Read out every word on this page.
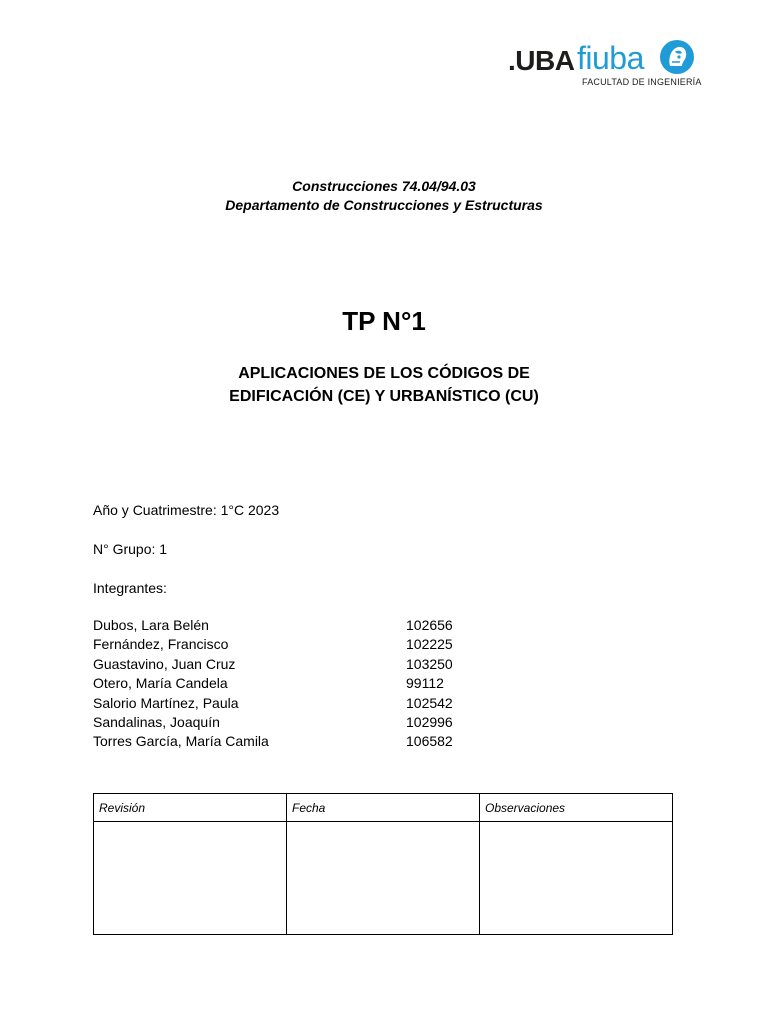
.UBA fiuba
FACULTAD DE INGENIERÍA
Construcciones 74.04/94.03
Departamento de Construcciones y Estructuras
TP N°1
APLICACIONES DE LOS CÓDIGOS DE
EDIFICACIÓN (CE) Y URBANÍSTICO (CU)
Año y Cuatrimestre: 1°C 2023
N° Grupo: 1
Integrantes:
Dubos, Lara Belén	102656
Fernández, Francisco	102225
Guastavino, Juan Cruz	103250
Otero, María Candela	99112
Salorio Martínez, Paula	102542
Sandalinas, Joaquín	102996
Torres García, María Camila	106582
Revisión	Fecha	Observaciones
